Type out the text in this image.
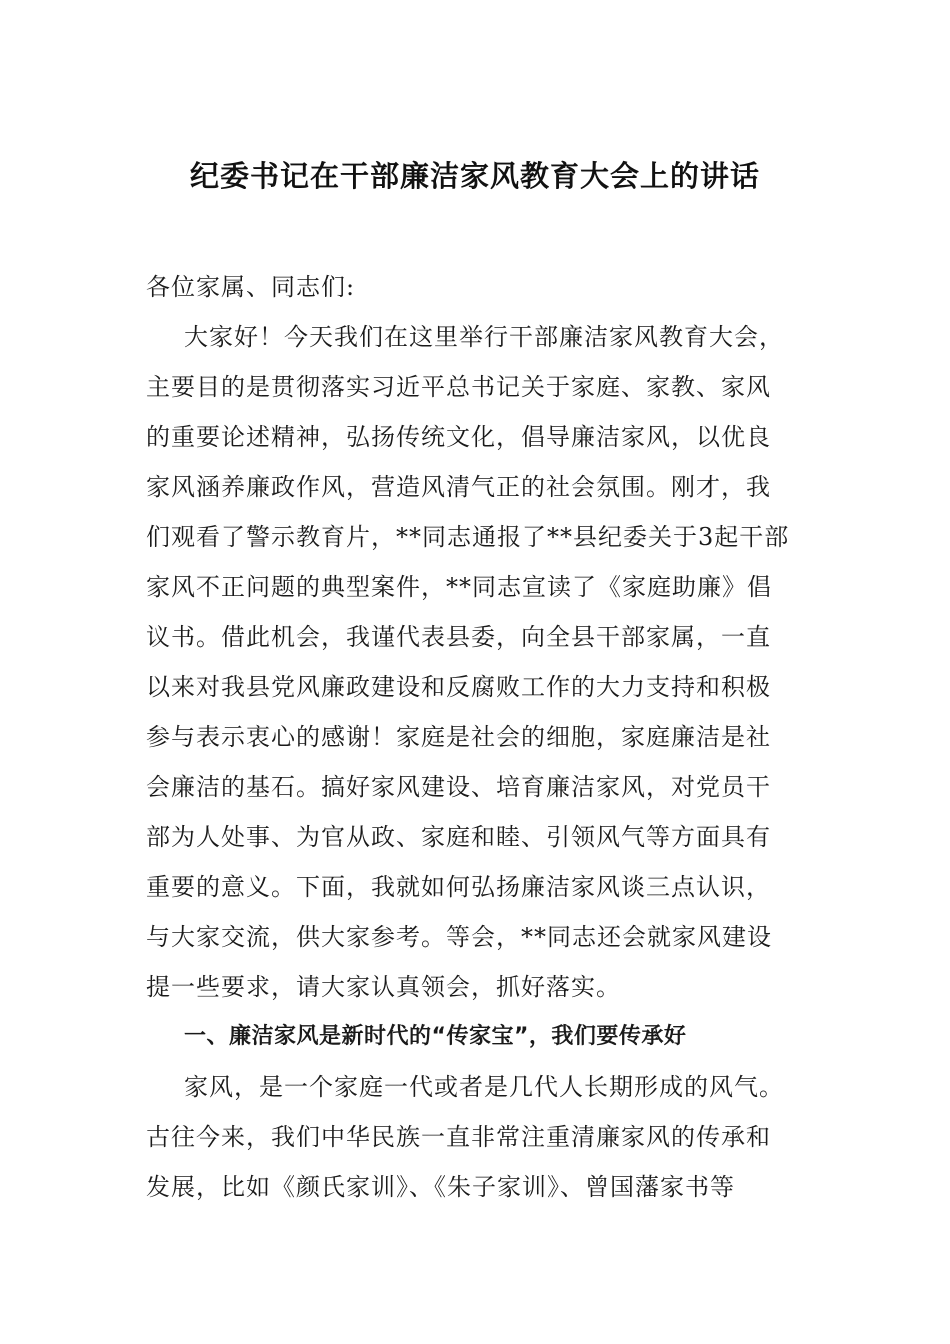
纪委书记在干部廉洁家风教育大会上的讲话
各位家属、同志们:
大家好！今天我们在这里举行干部廉洁家风教育大会，
主要目的是贯彻落实习近平总书记关于家庭、家教、家风
的重要论述精神，弘扬传统文化，倡导廉洁家风，以优良
家风涵养廉政作风，营造风清气正的社会氛围。刚才，我
们观看了警示教育片，**同志通报了**县纪委关于3起干部
家风不正问题的典型案件，**同志宣读了《家庭助廉》倡
议书。借此机会，我谨代表县委，向全县干部家属，一直
以来对我县党风廉政建设和反腐败工作的大力支持和积极
参与表示衷心的感谢！家庭是社会的细胞，家庭廉洁是社
会廉洁的基石。搞好家风建设、培育廉洁家风，对党员干
部为人处事、为官从政、家庭和睦、引领风气等方面具有
重要的意义。下面，我就如何弘扬廉洁家风谈三点认识，
与大家交流，供大家参考。等会，**同志还会就家风建设
提一些要求，请大家认真领会，抓好落实。
一、廉洁家风是新时代的“传家宝”，我们要传承好
家风，是一个家庭一代或者是几代人长期形成的风气。
古往今来，我们中华民族一直非常注重清廉家风的传承和
发展，比如《颜氏家训》、《朱子家训》、曾国藩家书等
